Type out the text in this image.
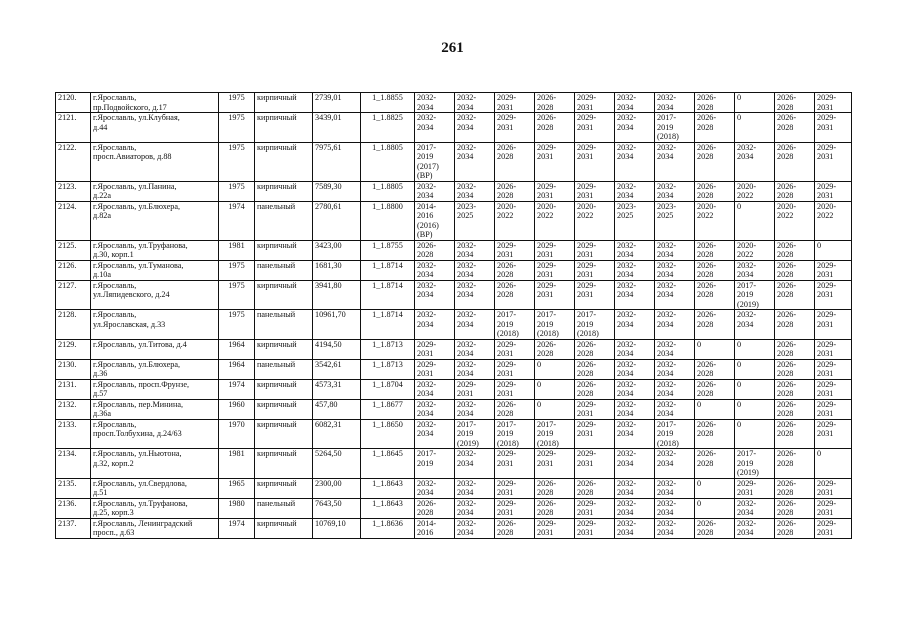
261
2120.	г.Ярославль,
пр.Подвойского, д.17	1975	кирпичный	2739,01	1_1.8855	2032-
2034	2032-
2034	2029-
2031	2026-
2028	2029-
2031	2032-
2034	2032-
2034	2026-
2028	0	2026-
2028	2029-
2031
2121.	г.Ярославль, ул.Клубная,
д.44	1975	кирпичный	3439,01	1_1.8825	2032-
2034	2032-
2034	2029-
2031	2026-
2028	2029-
2031	2032-
2034	2017-
2019
(2018)	2026-
2028	0	2026-
2028	2029-
2031
2122.	г.Ярославль,
просп.Авиаторов, д.88	1975	кирпичный	7975,61	1_1.8805	2017-
2019
(2017)
(ВР)	2032-
2034	2026-
2028	2029-
2031	2029-
2031	2032-
2034	2032-
2034	2026-
2028	2032-
2034	2026-
2028	2029-
2031
2123.	г.Ярославль, ул.Панина,
д.22а	1975	кирпичный	7589,30	1_1.8805	2032-
2034	2032-
2034	2026-
2028	2029-
2031	2029-
2031	2032-
2034	2032-
2034	2026-
2028	2020-
2022	2026-
2028	2029-
2031
2124.	г.Ярославль, ул.Блюхера,
д.82а	1974	панельный	2780,61	1_1.8800	2014-
2016
(2016)
(ВР)	2023-
2025	2020-
2022	2020-
2022	2020-
2022	2023-
2025	2023-
2025	2020-
2022	0	2020-
2022	2020-
2022
2125.	г.Ярославль, ул.Труфанова,
д.30, корп.1	1981	кирпичный	3423,00	1_1.8755	2026-
2028	2032-
2034	2029-
2031	2029-
2031	2029-
2031	2032-
2034	2032-
2034	2026-
2028	2020-
2022	2026-
2028	0
2126.	г.Ярославль, ул.Туманова,
д.10а	1975	панельный	1681,30	1_1.8714	2032-
2034	2032-
2034	2026-
2028	2029-
2031	2029-
2031	2032-
2034	2032-
2034	2026-
2028	2032-
2034	2026-
2028	2029-
2031
2127.	г.Ярославль,
ул.Ляпидевского, д.24	1975	кирпичный	3941,80	1_1.8714	2032-
2034	2032-
2034	2026-
2028	2029-
2031	2029-
2031	2032-
2034	2032-
2034	2026-
2028	2017-
2019
(2019)	2026-
2028	2029-
2031
2128.	г.Ярославль,
ул.Ярославская, д.33	1975	панельный	10961,70	1_1.8714	2032-
2034	2032-
2034	2017-
2019
(2018)	2017-
2019
(2018)	2017-
2019
(2018)	2032-
2034	2032-
2034	2026-
2028	2032-
2034	2026-
2028	2029-
2031
2129.	г.Ярославль, ул.Титова, д.4	1964	кирпичный	4194,50	1_1.8713	2029-
2031	2032-
2034	2029-
2031	2026-
2028	2026-
2028	2032-
2034	2032-
2034	0	0	2026-
2028	2029-
2031
2130.	г.Ярославль, ул.Блюхера,
д.36	1964	панельный	3542,61	1_1.8713	2029-
2031	2032-
2034	2029-
2031	0	2026-
2028	2032-
2034	2032-
2034	2026-
2028	0	2026-
2028	2029-
2031
2131.	г.Ярославль, просп.Фрунзе,
д.57	1974	кирпичный	4573,31	1_1.8704	2032-
2034	2029-
2031	2029-
2031	0	2026-
2028	2032-
2034	2032-
2034	2026-
2028	0	2026-
2028	2029-
2031
2132.	г.Ярославль, пер.Минина,
д.36а	1960	кирпичный	457,80	1_1.8677	2032-
2034	2032-
2034	2026-
2028	0	2029-
2031	2032-
2034	2032-
2034	0	0	2026-
2028	2029-
2031
2133.	г.Ярославль,
просп.Толбухина, д.24/63	1970	кирпичный	6082,31	1_1.8650	2032-
2034	2017-
2019
(2019)	2017-
2019
(2018)	2017-
2019
(2018)	2029-
2031	2032-
2034	2017-
2019
(2018)	2026-
2028	0	2026-
2028	2029-
2031
2134.	г.Ярославль, ул.Ньютона,
д.32, корп.2	1981	кирпичный	5264,50	1_1.8645	2017-
2019	2032-
2034	2029-
2031	2029-
2031	2029-
2031	2032-
2034	2032-
2034	2026-
2028	2017-
2019
(2019)	2026-
2028	0
2135.	г.Ярославль, ул.Свердлова,
д.51	1965	кирпичный	2300,00	1_1.8643	2032-
2034	2032-
2034	2029-
2031	2026-
2028	2026-
2028	2032-
2034	2032-
2034	0	2029-
2031	2026-
2028	2029-
2031
2136.	г.Ярославль, ул.Труфанова,
д.25, корп.3	1980	панельный	7643,50	1_1.8643	2026-
2028	2032-
2034	2029-
2031	2026-
2028	2029-
2031	2032-
2034	2032-
2034	0	2032-
2034	2026-
2028	2029-
2031
2137.	г.Ярославль, Ленинградский
просп., д.63	1974	кирпичный	10769,10	1_1.8636	2014-
2016	2032-
2034	2026-
2028	2029-
2031	2029-
2031	2032-
2034	2032-
2034	2026-
2028	2032-
2034	2026-
2028	2029-
2031
